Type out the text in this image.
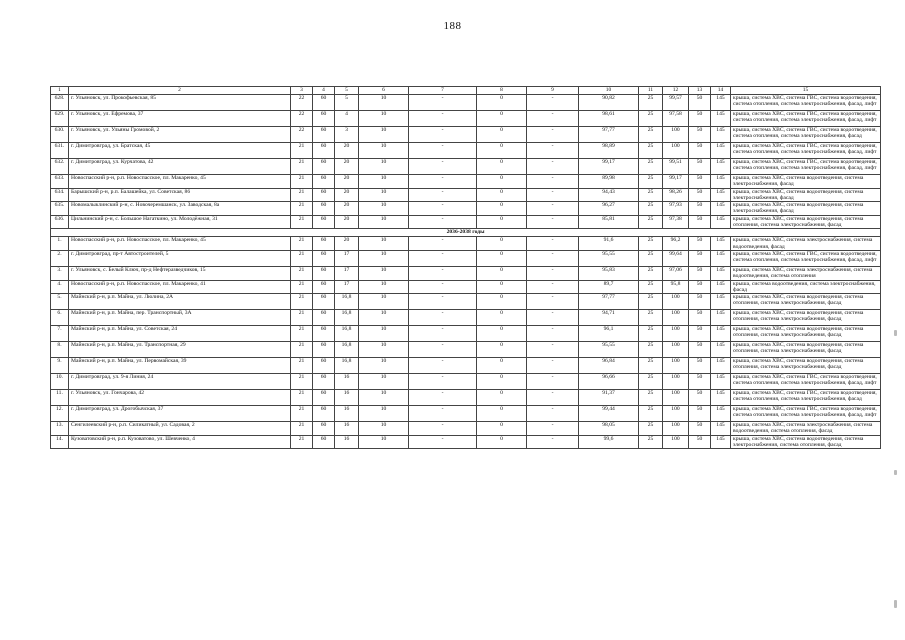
188
1	2	3	4	5	6	7	8	9	10	11	12	13	14	15
628.	г. Ульяновск, ул. Прокофьевская, 85	22	60	5	10	-	0	-	90,82	25	99,57	50	145	крыша, система ХВС, система ГВС, система водоотведения, система отопления, система электроснабжения, фасад, лифт
629.	г. Ульяновск, ул. Ефремова, 37	22	60	4	10	-	0	-	98,61	25	97,58	50	145	крыша, система ХВС, система ГВС, система водоотведения, система отопления, система электроснабжения, фасад, лифт
630.	г. Ульяновск, ул. Ульяны Громовой, 2	22	60	3	10	-	0	-	97,77	25	100	50	145	крыша, система ХВС, система ГВС, система водоотведения, система отопления, система электроснабжения, фасад
631.	г. Димитровград, ул. Братская, 45	21	60	20	10	-	0	-	98,89	25	100	50	145	крыша, система ХВС, система ГВС, система водоотведения, система отопления, система электроснабжения, фасад, лифт
632.	г. Димитровград, ул. Курчатова, 42	21	60	20	10	-	0	-	99,17	25	99,51	50	145	крыша, система ХВС, система ГВС, система водоотведения, система отопления, система электроснабжения, фасад, лифт
633.	Новоспасский р-н, р.п. Новоспасское, пл. Макаренко, 45	21	60	20	10	-	0	-	89,98	25	99,17	50	145	крыша, система ХВС, система водоотведения, система электроснабжения, фасад
634.	Барышский р-н, р.п. Балашейка, ул. Советская, 86	21	60	20	10	-	0	-	94,43	25	98,26	50	145	крыша, система ХВС, система водоотведения, система электроснабжения, фасад
635.	Новомалыклинский р-н, с. Новочеремшанск, ул. Заводская, 8а	21	60	20	10	-	0	-	96,27	25	97,93	50	145	крыша, система ХВС, система водоотведения, система электроснабжения, фасад
636.	Цильнинский р-н, с. Большое Нагаткино, ул. Молодёжная, 31	21	60	20	10	-	0	-	85,81	25	97,38	50	145	крыша, система ХВС, система водоотведения, система отопления, система электроснабжения, фасад
2036-2038 годы														
1.	Новоспасский р-н, р.п. Новоспасское, пл. Макаренко, 45	21	60	20	10	-	0	-	91,6	25	96,2	50	145	крыша, система ХВС, система электроснабжения, система водоотведения, фасад
2.	г. Димитровград, пр-т Автостроителей, 5	21	60	17	10	-	0	-	95,55	25	99,64	50	145	крыша, система ХВС, система ГВС, система водоотведения, система отопления, система электроснабжения, фасад, лифт
3.	г. Ульяновск, с. Белый Ключ, пр-д Нефтеразведчиков, 15	21	60	17	10	-	0	-	95,83	25	97,06	50	145	крыша, система ХВС, система электроснабжения, система водоотведения, система отопления
4.	Новоспасский р-н, р.п. Новоспасское, пл. Макаренко, 41	21	60	17	10	-	0	-	89,7	25	95,8	50	145	крыша, система водоотведения, система электроснабжения, фасад
5.	Майнский р-н, р.п. Майна, ул. Люлина, 2А	21	60	16,8	10	-	0	-	97,77	25	100	50	145	крыша, система ХВС, система водоотведения, система отопления, система электроснабжения, фасад
6.	Майнский р-н, р.п. Майна, пер. Транспортный, 3А	21	60	16,8	10	-	0	-	94,71	25	100	50	145	крыша, система ХВС, система водоотведения, система отопления, система электроснабжения, фасад
7.	Майнский р-н, р.п. Майна, ул. Советская, 24	21	60	16,8	10	-	0	-	96,1	25	100	50	145	крыша, система ХВС, система водоотведения, система отопления, система электроснабжения, фасад
8.	Майнский р-н, р.п. Майна, ул. Транспортная, 29	21	60	16,8	10	-	0	-	95,55	25	100	50	145	крыша, система ХВС, система водоотведения, система отопления, система электроснабжения, фасад
9.	Майнский р-н, р.п. Майна, ул. Первомайская, 39	21	60	16,8	10	-	0	-	96,84	25	100	50	145	крыша, система ХВС, система водоотведения, система отопления, система электроснабжения, фасад
10.	г. Димитровград, ул. 9-я Линия, 24	21	60	16	10	-	0	-	96,66	25	100	50	145	крыша, система ХВС, система ГВС, система водоотведения, система отопления, система электроснабжения, фасад, лифт
11.	г. Ульяновск, ул. Гончарова, 42	21	60	16	10	-	0	-	91,37	25	100	50	145	крыша, система ХВС, система ГВС, система водоотведения, система отопления, система электроснабжения, фасад
12.	г. Димитровград, ул. Дрогобычская, 37	21	60	16	10	-	0	-	99,44	25	100	50	145	крыша, система ХВС, система ГВС, система водоотведения, система отопления, система электроснабжения, фасад, лифт
13.	Сенгилеевский р-н, р.п. Силикатный, ул. Садовая, 2	21	60	16	10	-	0	-	98,05	25	100	50	145	крыша, система ХВС, система электроснабжения, система водоотведения, система отопления, фасад
14.	Кузоватовский р-н, р.п. Кузоватово, ул. Шевченко, 4	21	60	16	10	-	0	-	99,6	25	100	50	145	крыша, система ХВС, система водоотведения, система электроснабжения, система отопления, фасад
